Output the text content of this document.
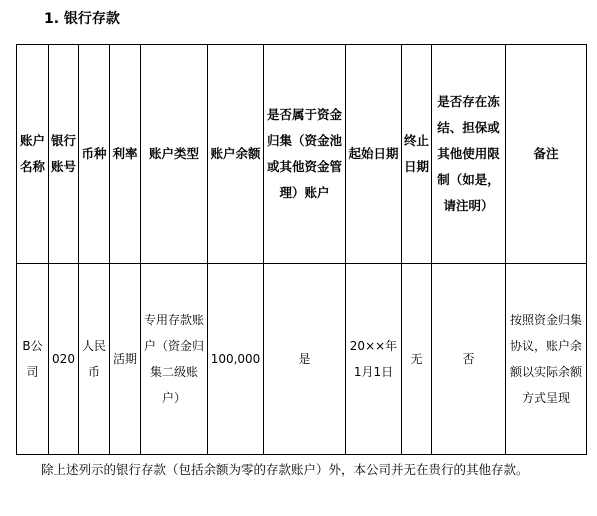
1. 银行存款
账户名称	银行账号	币种	利率	账户类型	账户余额	是否属于资金归集（资金池或其他资金管理）账户	起始日期	终止日期	是否存在冻结、担保或其他使用限制（如是，请注明）	备注
B公司	020	人民币	活期	专用存款账户（资金归集二级账户）	100,000	是	20××年1月1日	无	否	按照资金归集协议，账户余额以实际余额方式呈现
除上述列示的银行存款（包括余额为零的存款账户）外，本公司并无在贵行的其他存款。
